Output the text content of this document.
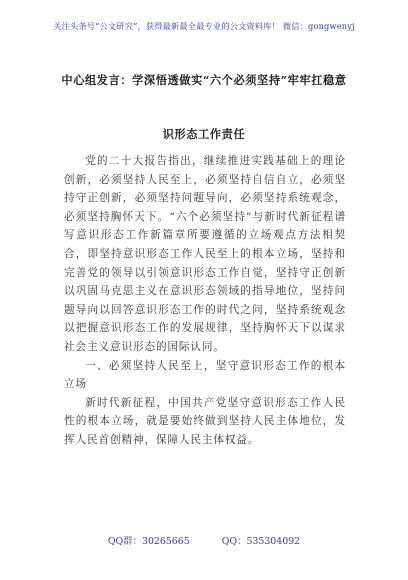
关注头条号“公文研究”，获得最新最全最专业的公文资料库！ 微信：gongwenyj
中心组发言：学深悟透做实“六个必须坚持”牢牢扛稳意
识形态工作责任

党的二十大报告指出，继续推进实践基础上的理论创新，必须坚持人民至上，必须坚持自信自立，必须坚持守正创新，必须坚持问题导向，必须坚持系统观念，必须坚持胸怀天下。“六个必须坚持”与新时代新征程谱写意识形态工作新篇章所要遵循的立场观点方法相契合，即坚持意识形态工作人民至上的根本立场，坚持和完善党的领导以引领意识形态工作自觉，坚持守正创新以巩固马克思主义在意识形态领域的指导地位，坚持问题导向以回答意识形态工作的时代之问，坚持系统观念以把握意识形态工作的发展规律，坚持胸怀天下以谋求社会主义意识形态的国际认同。

一、必须坚持人民至上，坚守意识形态工作的根本立场

新时代新征程，中国共产党坚守意识形态工作人民性的根本立场，就是要始终做到坚持人民主体地位，发挥人民首创精神，保障人民主体权益。

QQ群：30265665	QQ：535304092
